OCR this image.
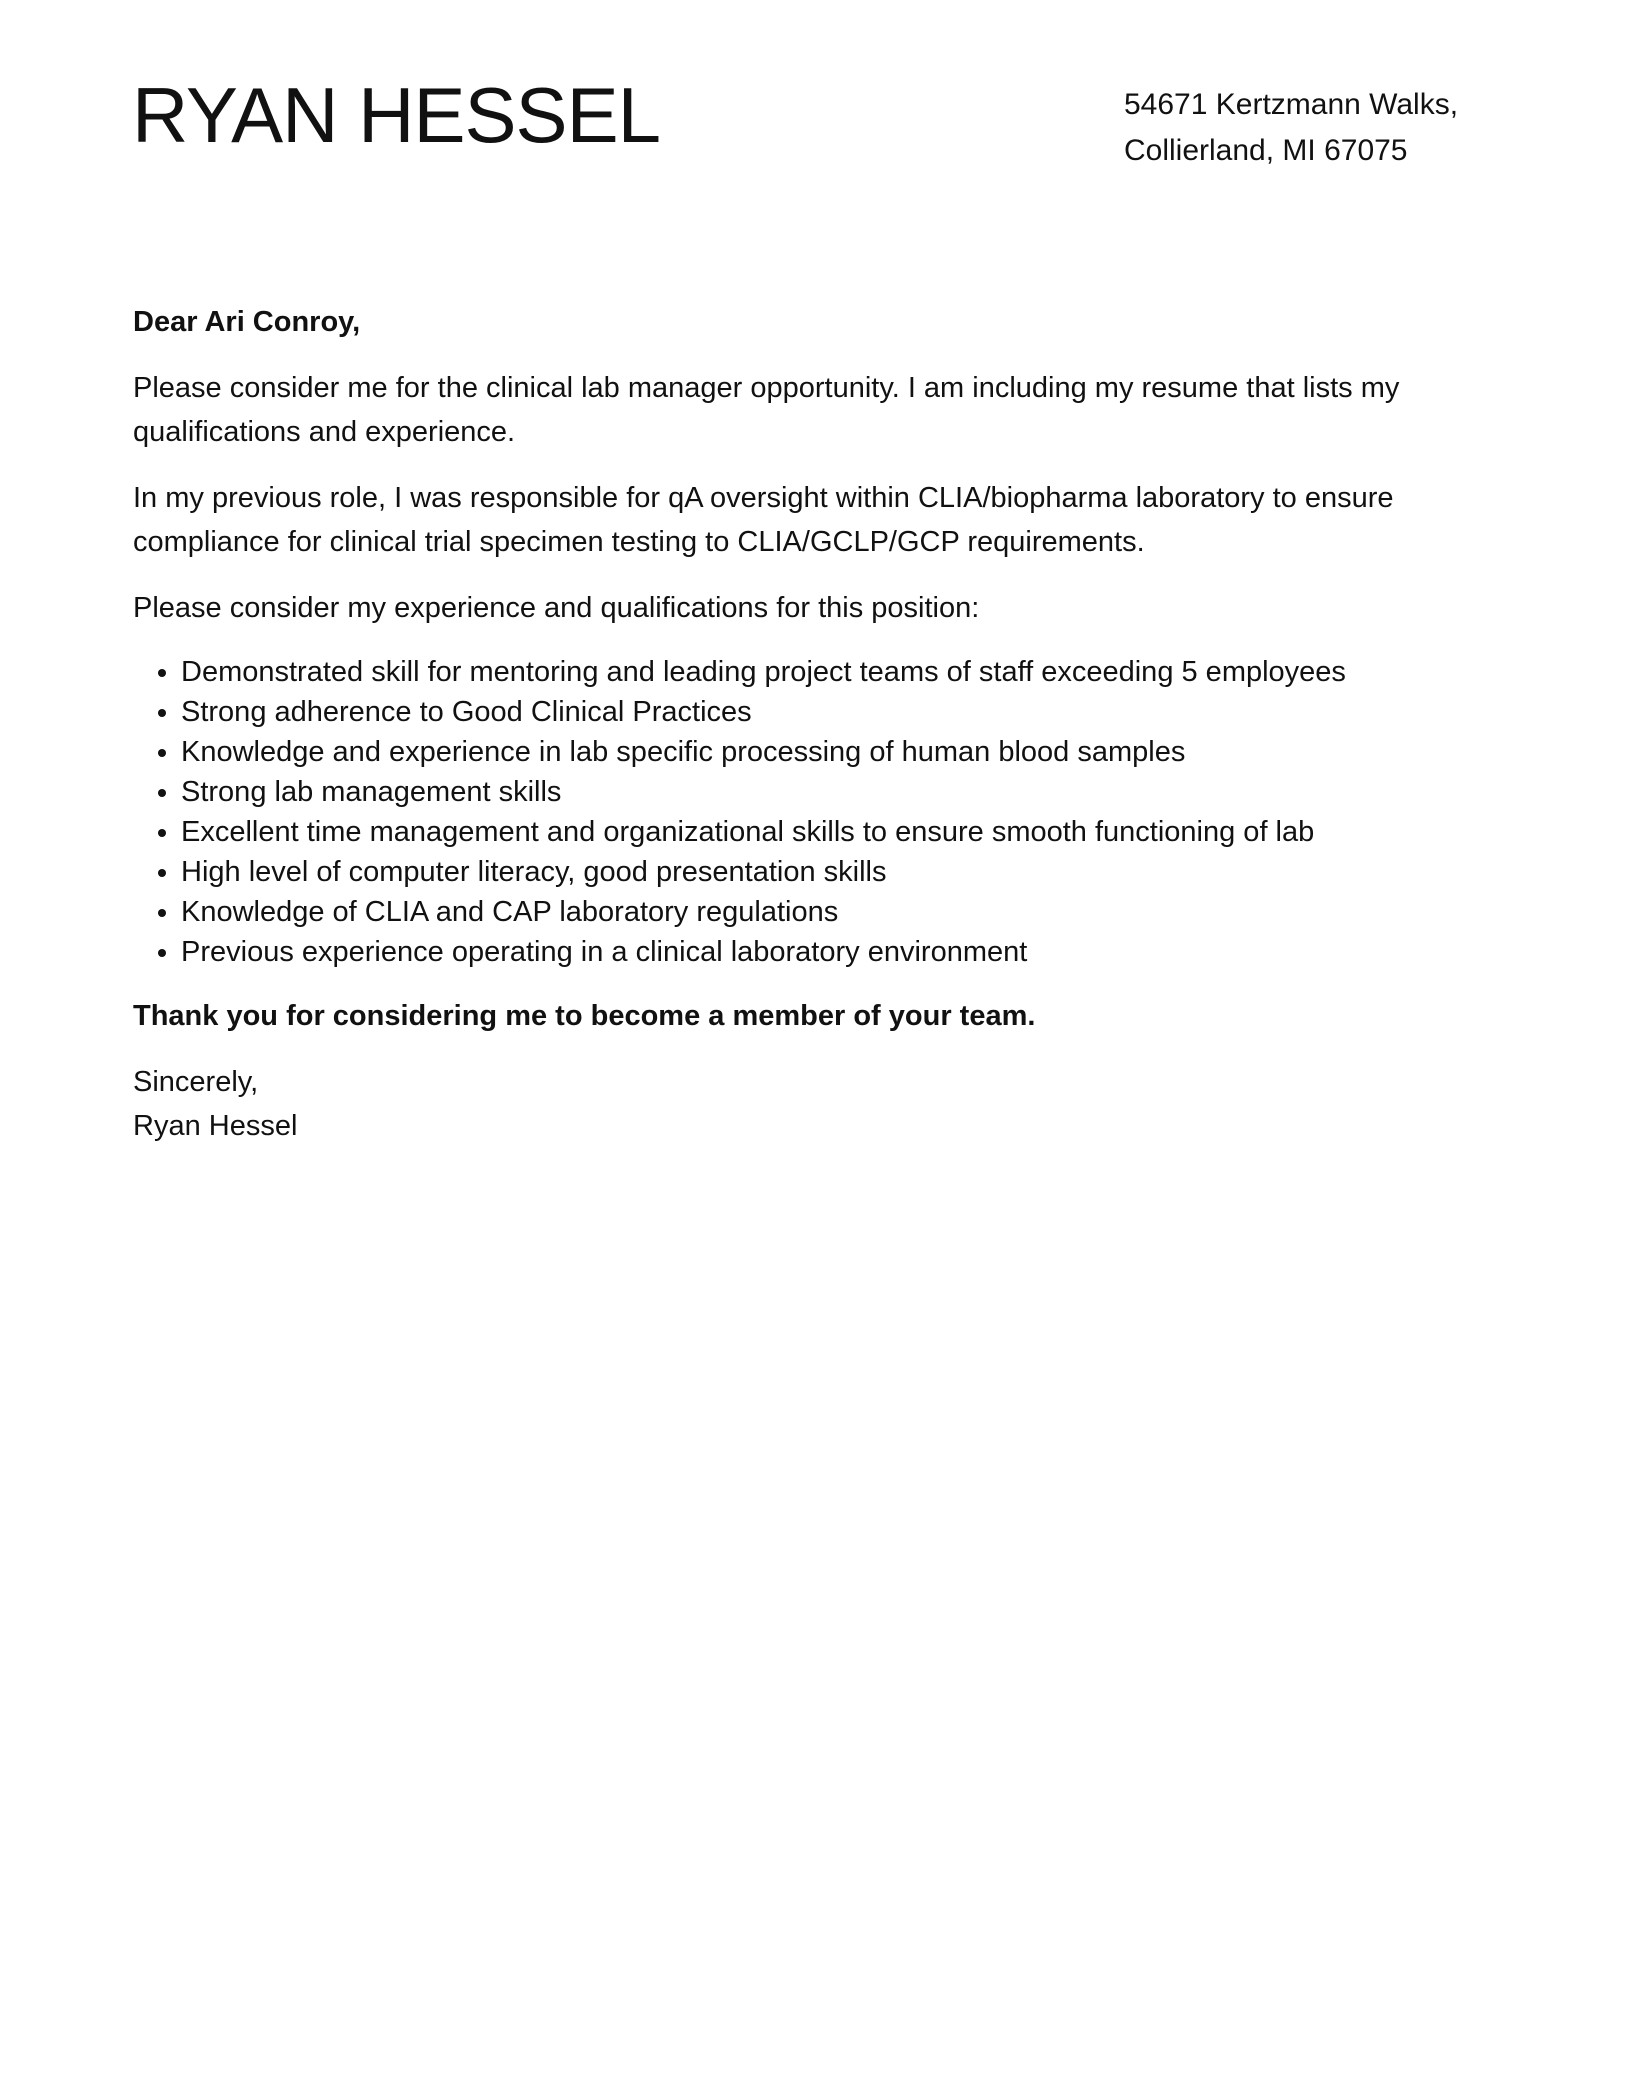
RYAN HESSEL	54671 Kertzmann Walks,
Collierland, MI 67075

Dear Ari Conroy,

Please consider me for the clinical lab manager opportunity. I am including my resume that lists my qualifications and experience.

In my previous role, I was responsible for qA oversight within CLIA/biopharma laboratory to ensure compliance for clinical trial specimen testing to CLIA/GCLP/GCP requirements.

Please consider my experience and qualifications for this position:

• Demonstrated skill for mentoring and leading project teams of staff exceeding 5 employees
• Strong adherence to Good Clinical Practices
• Knowledge and experience in lab specific processing of human blood samples
• Strong lab management skills
• Excellent time management and organizational skills to ensure smooth functioning of lab
• High level of computer literacy, good presentation skills
• Knowledge of CLIA and CAP laboratory regulations
• Previous experience operating in a clinical laboratory environment

Thank you for considering me to become a member of your team.

Sincerely,
Ryan Hessel
